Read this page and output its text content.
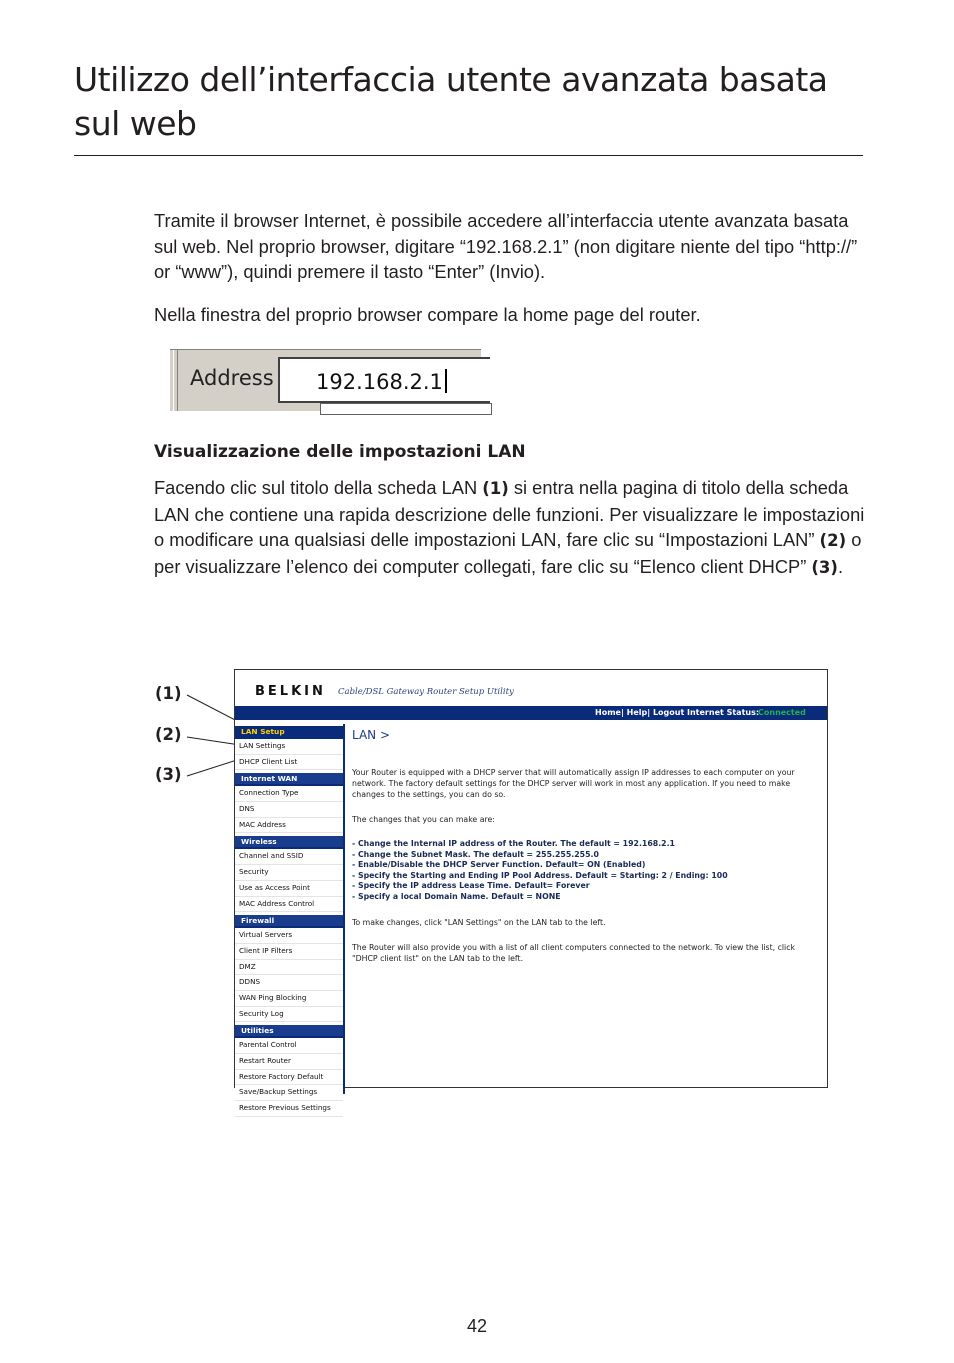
Utilizzo dell’interfaccia utente avanzata basata sul web

Tramite il browser Internet, è possibile accedere all’interfaccia utente avanzata basata sul web. Nel proprio browser, digitare “192.168.2.1” (non digitare niente del tipo “http://” or “www”), quindi premere il tasto “Enter” (Invio).

Nella finestra del proprio browser compare la home page del router.

Address 192.168.2.1
Visualizzazione delle impostazioni LAN

Facendo clic sul titolo della scheda LAN (1) si entra nella pagina di titolo della scheda LAN che contiene una rapida descrizione delle funzioni. Per visualizzare le impostazioni o modificare una qualsiasi delle impostazioni LAN, fare clic su “Impostazioni LAN” (2) o per visualizzare l’elenco dei computer collegati, fare clic su “Elenco client DHCP” (3).

(1)
(2)
(3)
BELKIN Cable/DSL Gateway Router Setup Utility
Home| Help| Logout Internet Status:
Connected
LAN Setup
LAN Settings
DHCP Client List
Internet WAN
Connection Type
DNS
MAC Address
Wireless
Channel and SSID
Security
Use as Access Point
MAC Address Control
Firewall
Virtual Servers
Client IP Filters
DMZ
DDNS
WAN Ping Blocking
Security Log
Utilities
Parental Control
Restart Router
Restore Factory Default
Save/Backup Settings
Restore Previous Settings
LAN >

Your Router is equipped with a DHCP server that will automatically assign IP addresses to each computer on your network. The factory default settings for the DHCP server will work in most any application. If you need to make changes to the settings, you can do so.

The changes that you can make are:

- Change the Internal IP address of the Router. The default = 192.168.2.1
- Change the Subnet Mask. The default = 255.255.255.0
- Enable/Disable the DHCP Server Function. Default= ON (Enabled)
- Specify the Starting and Ending IP Pool Address. Default = Starting: 2 / Ending: 100
- Specify the IP address Lease Time. Default= Forever
- Specify a local Domain Name. Default = NONE

To make changes, click "LAN Settings" on the LAN tab to the left.

The Router will also provide you with a list of all client computers connected to the network. To view the list, click "DHCP client list" on the LAN tab to the left.

42
